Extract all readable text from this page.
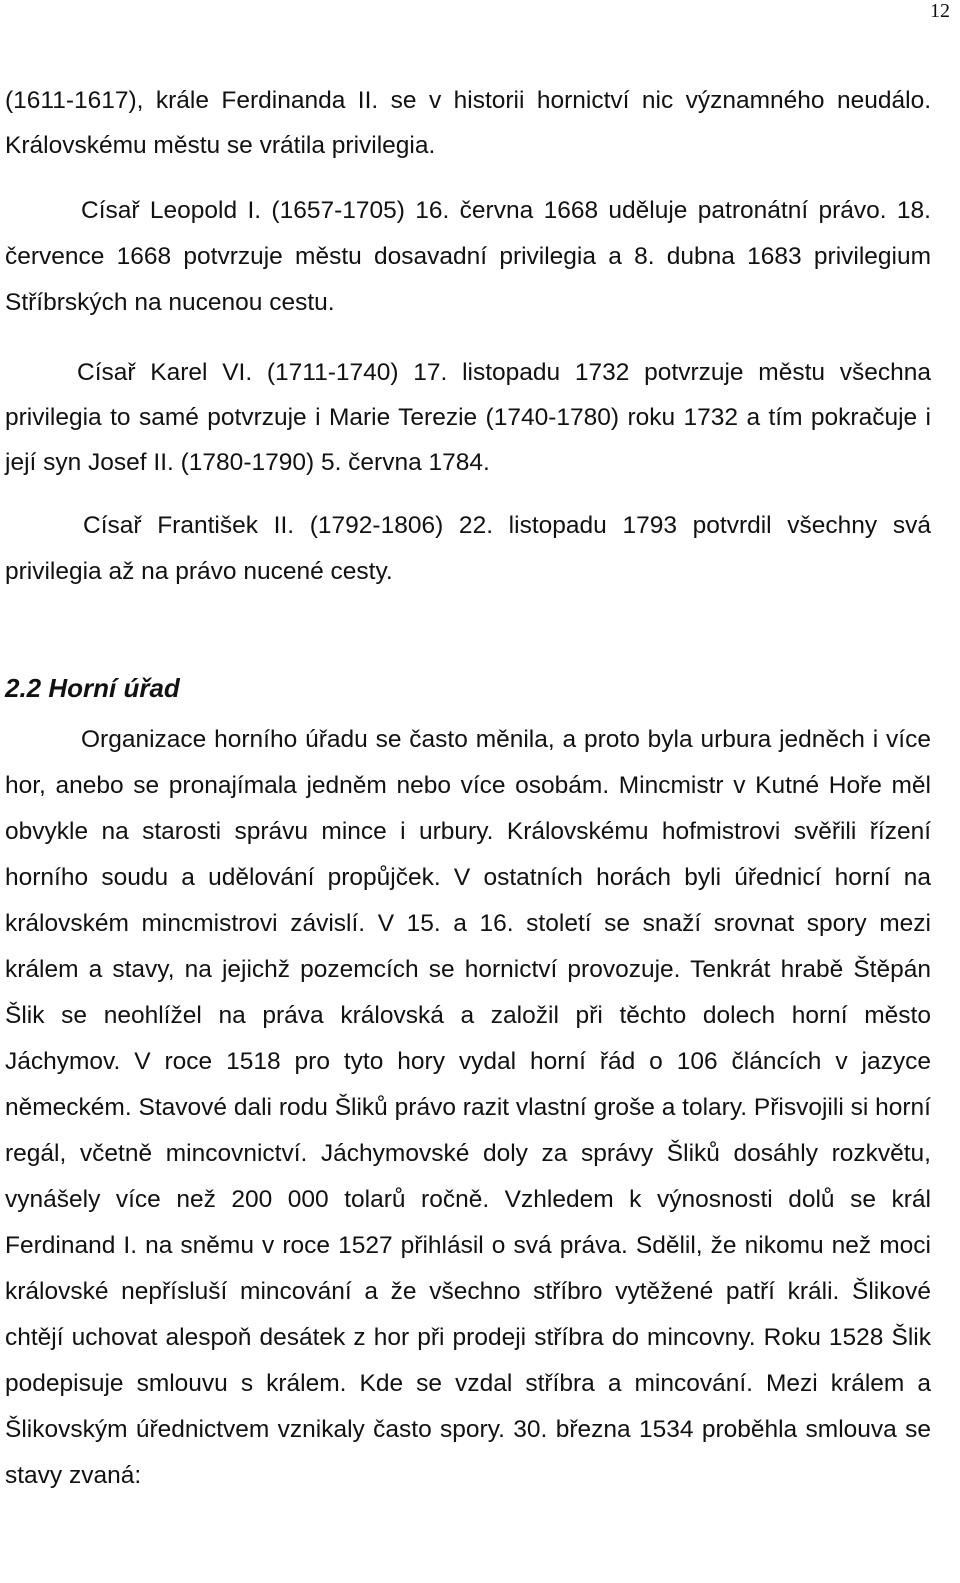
12

(1611-1617), krále Ferdinanda II. se v historii hornictví nic významného neudálo. Královskému městu se vrátila privilegia.

Císař Leopold I. (1657-1705) 16. června 1668 uděluje patronátní právo. 18. července 1668 potvrzuje městu dosavadní privilegia a 8. dubna 1683 privilegium Stříbrských na nucenou cestu.

Císař Karel VI. (1711-1740) 17. listopadu 1732 potvrzuje městu všechna privilegia to samé potvrzuje i Marie Terezie (1740-1780) roku 1732 a tím pokračuje i její syn Josef II. (1780-1790) 5. června 1784.

Císař František II. (1792-1806) 22. listopadu 1793 potvrdil všechny svá privilegia až na právo nucené cesty.

2.2 Horní úřad

Organizace horního úřadu se často měnila, a proto byla urbura jedněch i více hor, anebo se pronajímala jedněm nebo více osobám. Mincmistr v Kutné Hoře měl obvykle na starosti správu mince i urbury. Královskému hofmistrovi svěřili řízení horního soudu a udělování propůjček. V ostatních horách byli úřednicí horní na královském mincmistrovi závislí. V 15. a 16. století se snaží srovnat spory mezi králem a stavy, na jejichž pozemcích se hornictví provozuje. Tenkrát hrabě Štěpán Šlik se neohlížel na práva královská a založil při těchto dolech horní město Jáchymov. V roce 1518 pro tyto hory vydal horní řád o 106 článcích v jazyce německém. Stavové dali rodu Šliků právo razit vlastní groše a tolary. Přisvojili si horní regál, včetně mincovnictví. Jáchymovské doly za správy Šliků dosáhly rozkvětu, vynášely více než 200 000 tolarů ročně. Vzhledem k výnosnosti dolů se král Ferdinand I. na sněmu v roce 1527 přihlásil o svá práva. Sdělil, že nikomu než moci královské nepřísluší mincování a že všechno stříbro vytěžené patří králi. Šlikové chtějí uchovat alespoň desátek z hor při prodeji stříbra do mincovny. Roku 1528 Šlik podepisuje smlouvu s králem. Kde se vzdal stříbra a mincování. Mezi králem a Šlikovským úřednictvem vznikaly často spory. 30. března 1534 proběhla smlouva se stavy zvaná:
